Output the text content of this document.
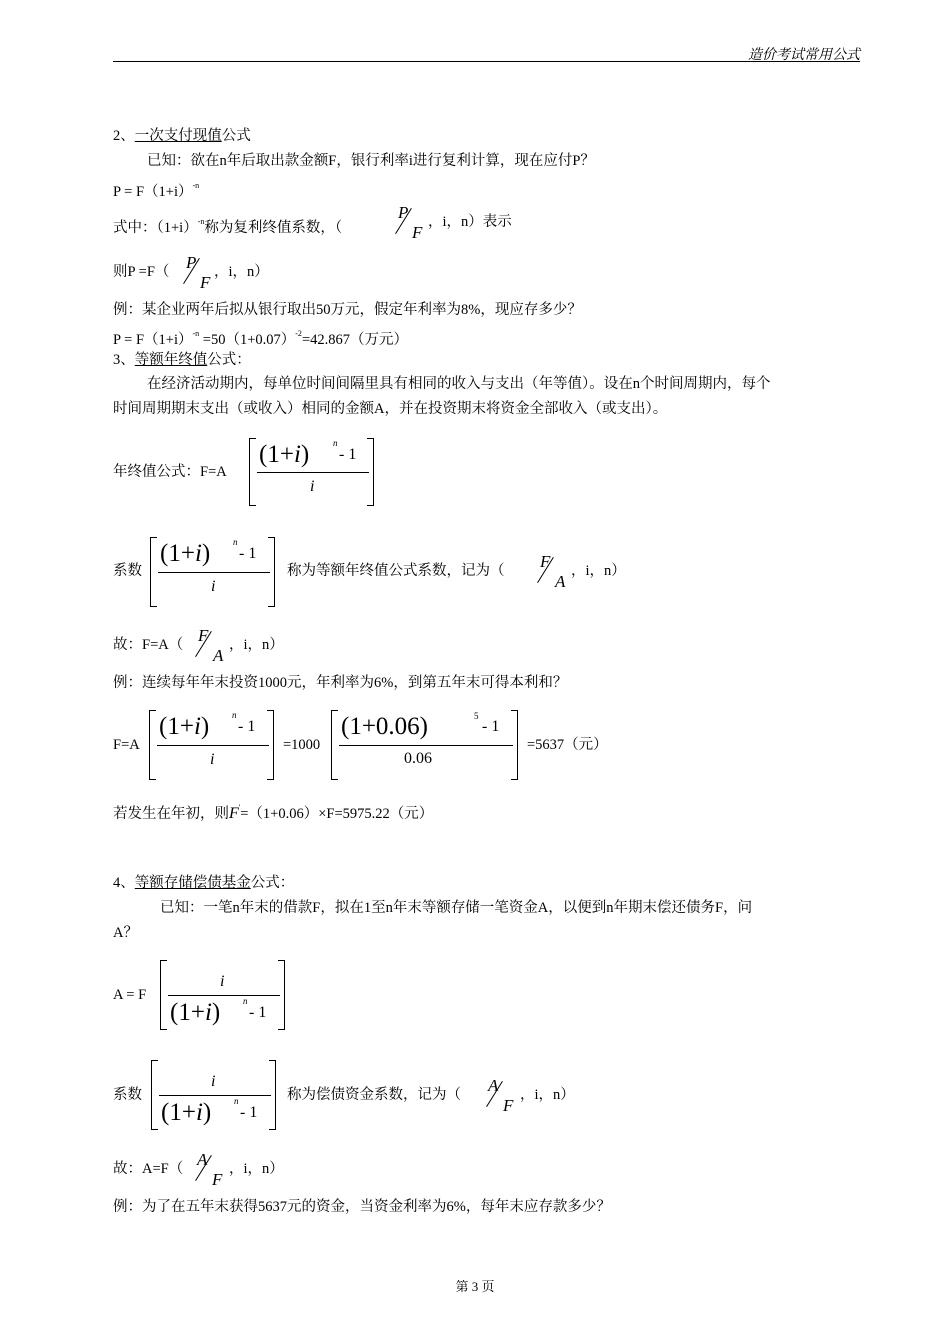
造价考试常用公式
2、一次支付现值公式
已知：欲在n年后取出款金额F，银行利率i进行复利计算，现在应付P？
$P = F(1+i)^{-n}$
式中：$(1+i)^{-n}$称为复利终值系数，（
P
F
，i，n）表示
则P =F（ P
F
，i，n）
例：某企业两年后拟从银行取出50万元，假定年利率为8%，现应存多少？
$P = F(1+i)^{-n} =50(1+0.07)^{-2}=42.867$（万元）
3、等额年终值公式：
在经济活动期内，每单位时间间隔里具有相同的收入与支出（年等值）。设在n个时间周期内，每个
时间周期期末支出（或收入）相同的金额A，并在投资期末将资金全部收入（或支出）。
年终值公式：F=A
(1+i)	n
- 1
i
系数
(1+i)	n
- 1
i
称为等额年终值公式系数，记为（ F
A
，i，n）
故：F=A（ F
A
，i，n）
例：连续每年年末投资1000元，年利率为6%，到第五年末可得本利和？
F=A
(1+i)	n
- 1
i
=1000
(1+0.06)	5
- 1
0.06
=5637（元）
若发生在年初，则F'=（1+0.06）×F=5975.22（元）
4、等额存储偿债基金公式：
已知：一笔n年末的借款F，拟在1至n年末等额存储一笔资金A，以便到n年期末偿还债务F，问
A？
A = F
i
(1+i)	n
- 1
系数
i
(1+i)	n
- 1
称为偿债资金系数，记为（ A
F
，i，n）
故：A=F（ A
F
，i，n）
例：为了在五年末获得5637元的资金，当资金利率为6%，每年末应存款多少？
第 3 页
